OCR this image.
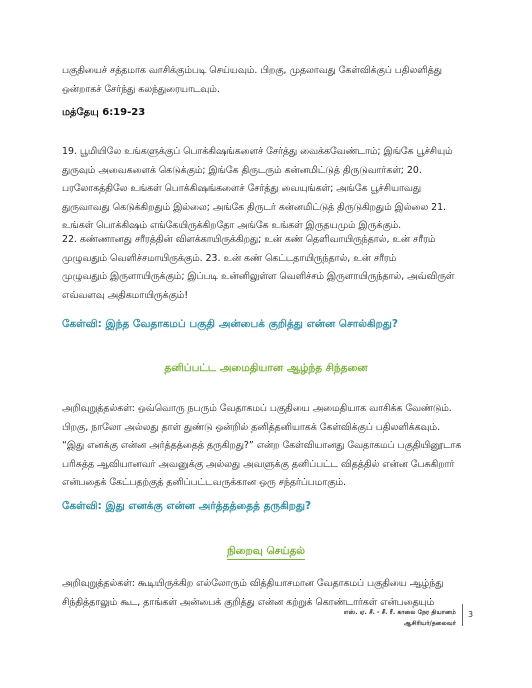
பகுதியைச் சத்தமாக வாசிக்கும்படி செய்யவும். பிறகு, முதலாவது கேள்விக்குப் பதிலளித்து
ஒன்றாகச் சேர்ந்து கலந்துரையாடவும்.

மத்தேயு 6:19-23

19. பூமியிலே உங்களுக்குப் பொக்கிஷங்களைச் சேர்த்து வைக்கவேண்டாம்; இங்கே பூச்சியும்
துருவும் அவைகளைக் கெடுக்கும்; இங்கே திருடரும் கன்னமிட்டுத் திருடுவார்கள்; 20.
பரலோகத்திலே உங்கள் பொக்கிஷங்களைச் சேர்த்து வையுங்கள்; அங்கே பூச்சியாவது
துருவாவது கெடுக்கிறதும் இல்லை; அங்கே திருடர் கன்னமிட்டுத் திருடுகிறதும் இல்லை 21.
உங்கள் பொக்கிஷம் எங்கேயிருக்கிறதோ அங்கே உங்கள் இருதயமும் இருக்கும்.

22. கண்ணானது சரீரத்தின் விளக்காயிருக்கிறது; உன் கண் தெளிவாயிருந்தால், உன் சரீரம்
முழுவதும் வெளிச்சமாயிருக்கும். 23. உன் கண் கெட்டதாயிருந்தால், உன் சரீரம்
முழுவதும் இருளாயிருக்கும்; இப்படி உன்னிலுள்ள வெளிச்சம் இருளாயிருந்தால், அவ்விருள்
எவ்வளவு அதிகமாயிருக்கும்!

கேள்வி: இந்த வேதாகமப் பகுதி அன்பைக் குறித்து என்ன சொல்கிறது?
தனிப்பட்ட அமைதியான ஆழ்ந்த சிந்தனை

அறிவுறுத்தல்கள்: ஒவ்வொரு நபரும் வேதாகமப் பகுதியை அமைதியாக வாசிக்க வேண்டும்.
பிறகு, நாலோ அல்லது தாள் துண்டு ஒன்றில் தனித்தனியாகக் கேள்விக்குப் பதிலளிக்கவும்.
“இது எனக்கு என்ன அர்த்தத்தைத் தருகிறது?” என்ற கேள்வியானது வேதாகமப் பகுதியினூடாக
பரிசுத்த ஆவியானவர் அவனுக்கு அல்லது அவளுக்கு தனிப்பட்ட விதத்தில் என்ன பேசுகிறார்
என்பதைக் கேட்பதற்குத் தனிப்பட்டவருக்கான ஒரு சந்தர்ப்பமாகும்.

கேள்வி: இது எனக்கு என்ன அர்த்தத்தைத் தருகிறது?
நிறைவு செய்தல்

அறிவுறுத்தல்கள்: கூடியிருக்கிற எல்லோரும் வித்தியாசமான வேதாகமப் பகுதியை ஆழ்ந்து
சிந்தித்தாலும் கூட, தாங்கள் அன்பைக் குறித்து என்ன கற்றுக் கொண்டார்கள் என்பதையும்

எஸ். ஏ. சீ. - சீ. ரீ. காலை நேர தியானம்
ஆசிரியர்/தலைவர்
3
